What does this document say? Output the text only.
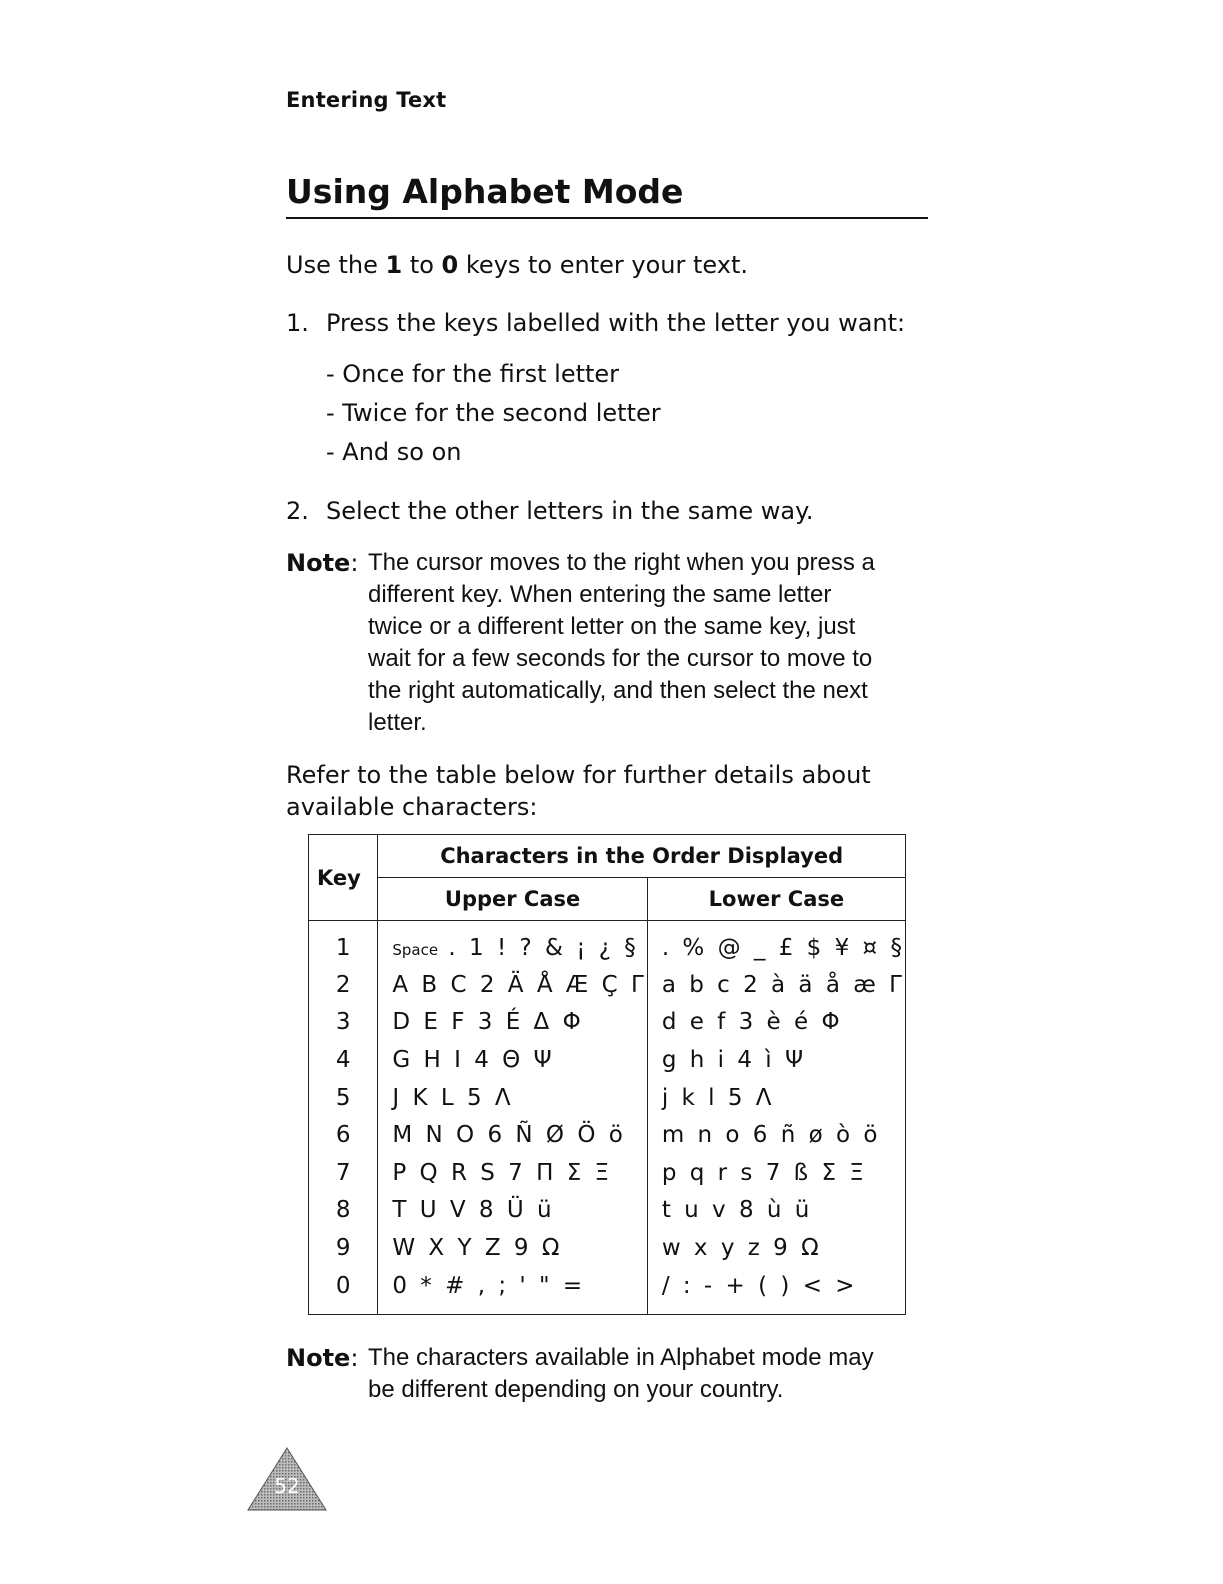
Entering Text
Using Alphabet Mode
Use the 1 to 0 keys to enter your text.
1. Press the keys labelled with the letter you want:
- Once for the first letter
- Twice for the second letter
- And so on
2. Select the other letters in the same way.
Note: The cursor moves to the right when you press a
different key. When entering the same letter
twice or a different letter on the same key, just
wait for a few seconds for the cursor to move to
the right automatically, and then select the next
letter.
Refer to the table below for further details about
available characters:
Key	Characters in the Order Displayed	
	Upper Case	Lower Case
1	Space . 1 ! ? & ¡ ¿ §	. % @ _ £ $ ¥ ¤ §
2	A B C 2 Ä Å Æ Ç Γ	a b c 2 à ä å æ Γ
3	D E F 3 É Δ Φ	d e f 3 è é Φ
4	G H I 4 Θ Ψ	g h i 4 ì Ψ
5	J K L 5 Λ	j k l 5 Λ
6	M N O 6 Ñ Ø Ö ö	m n o 6 ñ ø ò ö
7	P Q R S 7 Π Σ Ξ	p q r s 7 ß Σ Ξ
8	T U V 8 Ü ü	t u v 8 ù ü
9	W X Y Z 9 Ω	w x y z 9 Ω
0	0 * # , ; ' " =	/ : - + ( ) < >
Note: The characters available in Alphabet mode may
be different depending on your country.
52
